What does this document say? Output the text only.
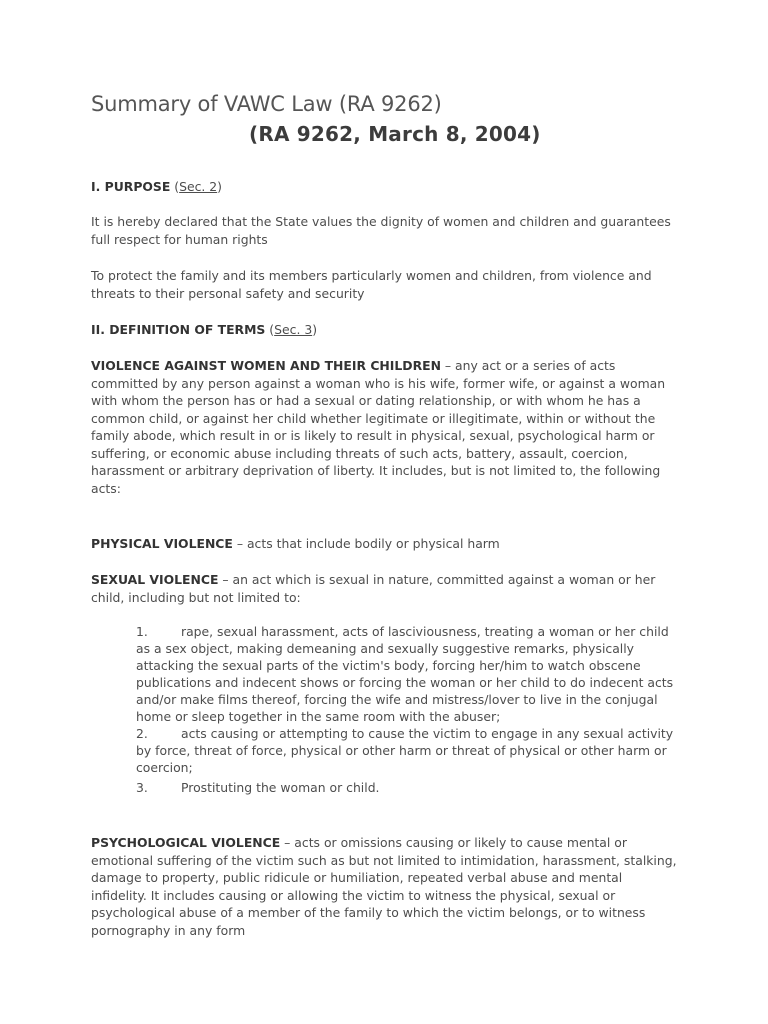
Summary of VAWC Law (RA 9262)
(RA 9262, March 8, 2004)

I. PURPOSE (Sec. 2)

It is hereby declared that the State values the dignity of women and children and guarantees full respect for human rights

To protect the family and its members particularly women and children, from violence and threats to their personal safety and security

II. DEFINITION OF TERMS (Sec. 3)

VIOLENCE AGAINST WOMEN AND THEIR CHILDREN – any act or a series of acts committed by any person against a woman who is his wife, former wife, or against a woman with whom the person has or had a sexual or dating relationship, or with whom he has a common child, or against her child whether legitimate or illegitimate, within or without the family abode, which result in or is likely to result in physical, sexual, psychological harm or suffering, or economic abuse including threats of such acts, battery, assault, coercion, harassment or arbitrary deprivation of liberty. It includes, but is not limited to, the following acts:

PHYSICAL VIOLENCE – acts that include bodily or physical harm

SEXUAL VIOLENCE – an act which is sexual in nature, committed against a woman or her child, including but not limited to:

1.	rape, sexual harassment, acts of lasciviousness, treating a woman or her child as a sex object, making demeaning and sexually suggestive remarks, physically attacking the sexual parts of the victim's body, forcing her/him to watch obscene publications and indecent shows or forcing the woman or her child to do indecent acts and/or make films thereof, forcing the wife and mistress/lover to live in the conjugal home or sleep together in the same room with the abuser;

2.	acts causing or attempting to cause the victim to engage in any sexual activity by force, threat of force, physical or other harm or threat of physical or other harm or coercion;

3.	Prostituting the woman or child.

PSYCHOLOGICAL VIOLENCE – acts or omissions causing or likely to cause mental or emotional suffering of the victim such as but not limited to intimidation, harassment, stalking, damage to property, public ridicule or humiliation, repeated verbal abuse and mental infidelity. It includes causing or allowing the victim to witness the physical, sexual or psychological abuse of a member of the family to which the victim belongs, or to witness pornography in any form
